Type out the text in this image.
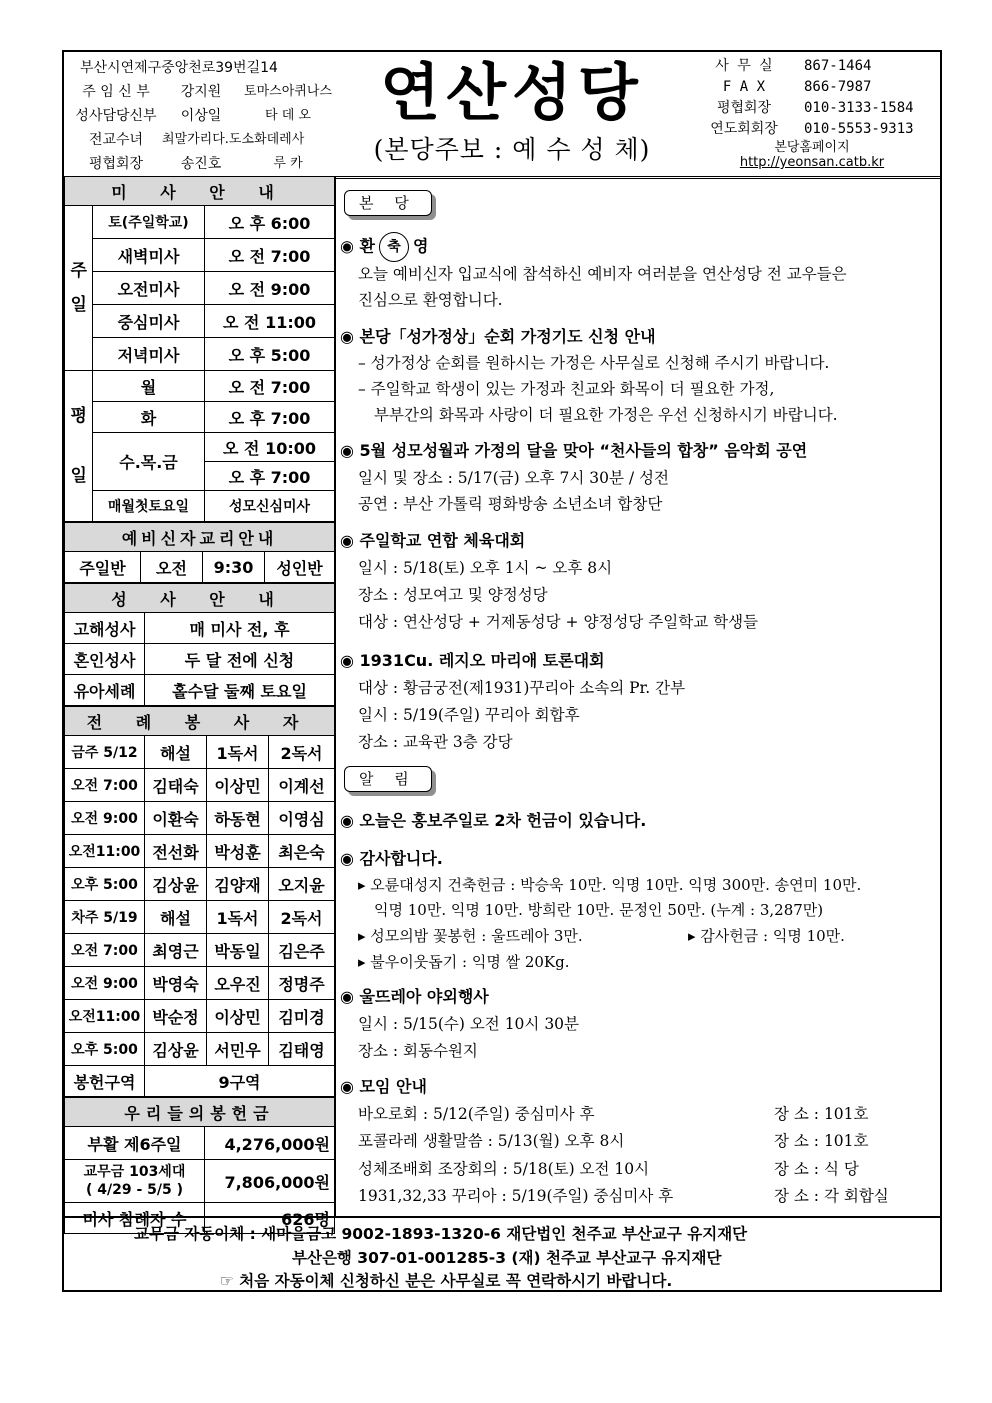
부산시연제구중앙천로39번길14
주 임 신 부	강지원	토마스아퀴나스
성사담당신부	이상일	타 데 오
전교수녀	최말가리다.도소화데레사
평협회장	송진호	루 카
연산성당
(본당주보 : 예 수 성 체)
사 무 실	867-1464
F A X	866-7987
평협회장	010-3133-1584
연도회회장	010-5553-9313
본당홈페이지
http://yeonsan.catb.kr
미 사 안 내		
주 일	토(주일학교)	오 후 6:00
	새벽미사	오 전 7:00
	오전미사	오 전 9:00
	중심미사	오 전 11:00
	저녁미사	오 후 5:00
평 일	월	오 전 7:00
	화	오 후 7:00
	수.목.금	오 전 10:00
		오 후 7:00
	매월첫토요일	성모신심미사
예비신자교리안내
주일반	오전	9:30	성인반
성 사 안 내	
고해성사	매 미사 전, 후
혼인성사	두 달 전에 신청
유아세례	홀수달 둘째 토요일
전 례 봉 사 자			
금주 5/12	해설	1독서	2독서
오전 7:00	김태숙	이상민	이계선
오전 9:00	이환숙	하동현	이영심
오전11:00	전선화	박성훈	최은숙
오후 5:00	김상윤	김양재	오지윤
차주 5/19	해설	1독서	2독서
오전 7:00	최영근	박동일	김은주
오전 9:00	박영숙	오우진	정명주
오전11:00	박순정	이상민	김미경
오후 5:00	김상윤	서민우	김태영
봉헌구역	9구역		
우리들의봉헌금	
부활 제6주일	4,276,000원

교무금 103세대
( 4/29 - 5/5 )	7,806,000원
미사 참례자 수	626명
본 당
◉ 환 축 영
오늘 예비신자 입교식에 참석하신 예비자 여러분을 연산성당 전 교우들은
진심으로 환영합니다.
◉ 본당「성가정상」순회 가정기도 신청 안내
– 성가정상 순회를 원하시는 가정은 사무실로 신청해 주시기 바랍니다.
– 주일학교 학생이 있는 가정과 친교와 화목이 더 필요한 가정,
부부간의 화목과 사랑이 더 필요한 가정은 우선 신청하시기 바랍니다.
◉ 5월 성모성월과 가정의 달을 맞아 “천사들의 합창” 음악회 공연
일시 및 장소 : 5/17(금) 오후 7시 30분 / 성전
공연 : 부산 가톨릭 평화방송 소년소녀 합창단
◉ 주일학교 연합 체육대회
일시 : 5/18(토) 오후 1시 ~ 오후 8시
장소 : 성모여고 및 양정성당
대상 : 연산성당 + 거제동성당 + 양정성당 주일학교 학생들
◉ 1931Cu. 레지오 마리애 토론대회
대상 : 황금궁전(제1931)꾸리아 소속의 Pr. 간부
일시 : 5/19(주일) 꾸리아 회합후
장소 : 교육관 3층 강당
알 림
◉ 오늘은 홍보주일로 2차 헌금이 있습니다.
◉ 감사합니다.
▸ 오륜대성지 건축헌금 : 박승욱 10만. 익명 10만. 익명 300만. 송연미 10만.
익명 10만. 익명 10만. 방희란 10만. 문정인 50만. (누계 : 3,287만)
▸ 성모의밤 꽃봉헌 : 울뜨레아 3만.	▸ 감사헌금 : 익명 10만.
▸ 불우이웃돕기 : 익명 쌀 20Kg.
◉ 울뜨레아 야외행사
일시 : 5/15(수) 오전 10시 30분
장소 : 회동수원지
◉ 모임 안내
바오로회 : 5/12(주일) 중심미사 후	장 소 : 101호
포콜라레 생활말씀 : 5/13(월) 오후 8시	장 소 : 101호
성체조배회 조장회의 : 5/18(토) 오전 10시	장 소 : 식 당
1931,32,33 꾸리아 : 5/19(주일) 중심미사 후	장 소 : 각 회합실
교무금 자동이체 : 새마을금고 9002-1893-1320-6 재단법인 천주교 부산교구 유지재단
부산은행 307-01-001285-3 (재) 천주교 부산교구 유지재단
☞ 처음 자동이체 신청하신 분은 사무실로 꼭 연락하시기 바랍니다.
